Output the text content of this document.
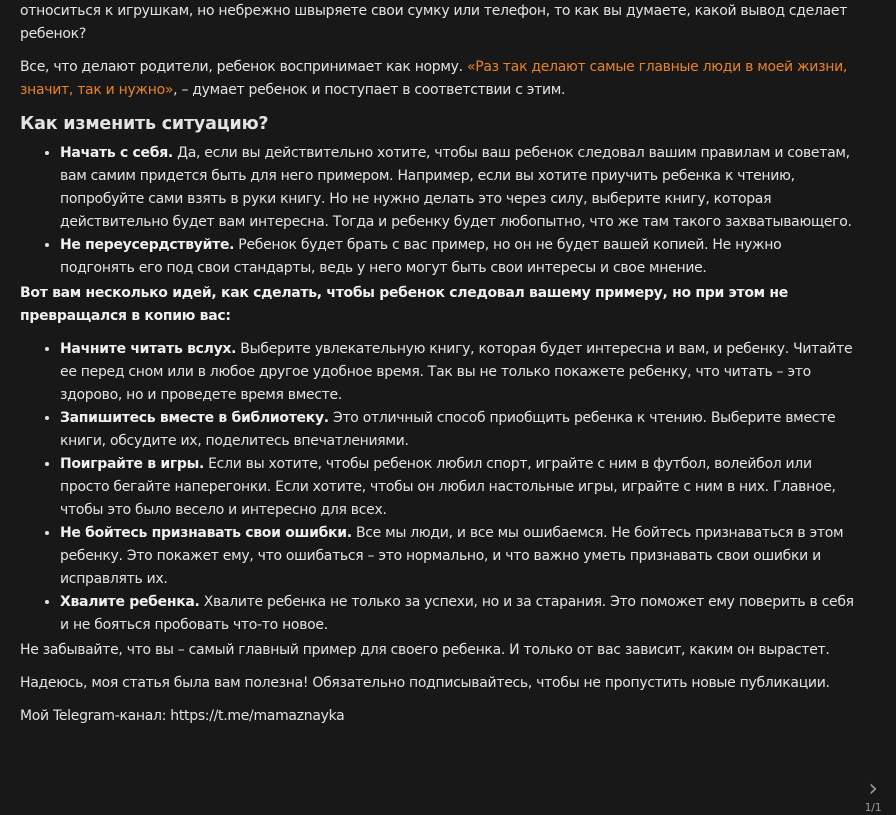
относиться к игрушкам, но небрежно швыряете свои сумку или телефон, то как вы думаете, какой вывод сделает ребенок?

Все, что делают родители, ребенок воспринимает как норму. «Раз так делают самые главные люди в моей жизни, значит, так и нужно», – думает ребенок и поступает в соответствии с этим.

Как изменить ситуацию?
• Начать с себя. Да, если вы действительно хотите, чтобы ваш ребенок следовал вашим правилам и советам, вам самим придется быть для него примером. Например, если вы хотите приучить ребенка к чтению, попробуйте сами взять в руки книгу. Но не нужно делать это через силу, выберите книгу, которая действительно будет вам интересна. Тогда и ребенку будет любопытно, что же там такого захватывающего.
• Не переусердствуйте. Ребенок будет брать с вас пример, но он не будет вашей копией. Не нужно подгонять его под свои стандарты, ведь у него могут быть свои интересы и свое мнение.

Вот вам несколько идей, как сделать, чтобы ребенок следовал вашему примеру, но при этом не превращался в копию вас:

• Начните читать вслух. Выберите увлекательную книгу, которая будет интересна и вам, и ребенку. Читайте ее перед сном или в любое другое удобное время. Так вы не только покажете ребенку, что читать – это здорово, но и проведете время вместе.
• Запишитесь вместе в библиотеку. Это отличный способ приобщить ребенка к чтению. Выберите вместе книги, обсудите их, поделитесь впечатлениями.
• Поиграйте в игры. Если вы хотите, чтобы ребенок любил спорт, играйте с ним в футбол, волейбол или просто бегайте наперегонки. Если хотите, чтобы он любил настольные игры, играйте с ним в них. Главное, чтобы это было весело и интересно для всех.
• Не бойтесь признавать свои ошибки. Все мы люди, и все мы ошибаемся. Не бойтесь признаваться в этом ребенку. Это покажет ему, что ошибаться – это нормально, и что важно уметь признавать свои ошибки и исправлять их.
• Хвалите ребенка. Хвалите ребенка не только за успехи, но и за старания. Это поможет ему поверить в себя и не бояться пробовать что-то новое.

Не забывайте, что вы – самый главный пример для своего ребенка. И только от вас зависит, каким он вырастет.

Надеюсь, моя статья была вам полезна! Обязательно подписывайтесь, чтобы не пропустить новые публикации.

Мой Telegram-канал: https://t.me/mamaznayka

›
1/1
